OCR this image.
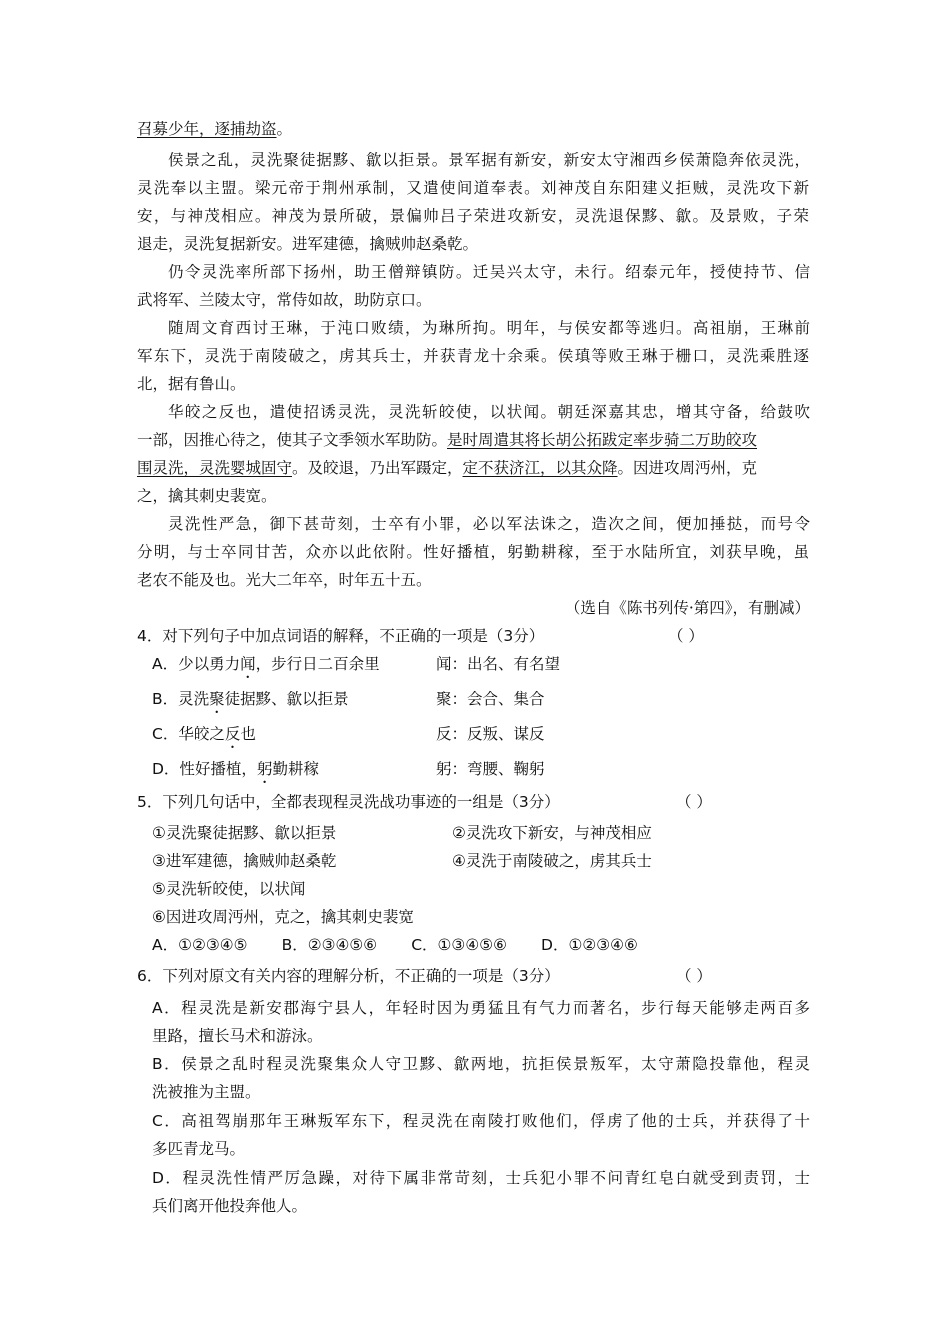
召募少年，逐捕劫盗。
侯景之乱，灵洗聚徒据黟、歙以拒景。景军据有新安，新安太守湘西乡侯萧隐奔依灵洗，
灵洗奉以主盟。梁元帝于荆州承制，又遣使间道奉表。刘神茂自东阳建义拒贼，灵洗攻下新
安，与神茂相应。神茂为景所破，景偏帅吕子荣进攻新安，灵洗退保黟、歙。及景败，子荣
退走，灵洗复据新安。进军建德，擒贼帅赵桑乾。
仍令灵洗率所部下扬州，助王僧辩镇防。迁吴兴太守，未行。绍泰元年，授使持节、信
武将军、兰陵太守，常侍如故，助防京口。
随周文育西讨王琳，于沌口败绩，为琳所拘。明年，与侯安都等逃归。高祖崩，王琳前
军东下，灵洗于南陵破之，虏其兵士，并获青龙十余乘。侯瑱等败王琳于栅口，灵洗乘胜逐
北，据有鲁山。
华皎之反也，遣使招诱灵洗，灵洗斩皎使，以状闻。朝廷深嘉其忠，增其守备，给鼓吹
一部，因推心待之，使其子文季领水军助防。是时周遣其将长胡公拓跋定率步骑二万助皎攻
围灵洗，灵洗婴城固守。及皎退，乃出军蹑定，定不获济江，以其众降。因进攻周沔州，克
之，擒其刺史裴宽。
灵洗性严急，御下甚苛刻，士卒有小罪，必以军法诛之，造次之间，便加捶挞，而号令
分明，与士卒同甘苦，众亦以此依附。性好播植，躬勤耕稼，至于水陆所宜，刘获早晚，虽
老农不能及也。光大二年卒，时年五十五。
（选自《陈书列传·第四》，有删减）
4．对下列句子中加点词语的解释，不正确的一项是（3分）	（ ）
A．少以勇力闻，步行日二百余里	闻：出名、有名望
B．灵洗聚徒据黟、歙以拒景	聚：会合、集合
C．华皎之反也	反：反叛、谋反
D．性好播植，躬勤耕稼	躬：弯腰、鞠躬
5．下列几句话中，全都表现程灵洗战功事迹的一组是（3分）	（ ）
①灵洗聚徒据黟、歙以拒景	②灵洗攻下新安，与神茂相应
③进军建德，擒贼帅赵桑乾	④灵洗于南陵破之，虏其兵士
⑤灵洗斩皎使，以状闻
⑥因进攻周沔州，克之，擒其刺史裴宽
A．①②③④⑤ B．②③④⑤⑥ C．①③④⑤⑥ D．①②③④⑥
6．下列对原文有关内容的理解分析，不正确的一项是（3分）	（ ）
A．程灵洗是新安郡海宁县人，年轻时因为勇猛且有气力而著名，步行每天能够走两百多
里路，擅长马术和游泳。
B．侯景之乱时程灵洗聚集众人守卫黟、歙两地，抗拒侯景叛军，太守萧隐投靠他，程灵
洗被推为主盟。
C．高祖驾崩那年王琳叛军东下，程灵洗在南陵打败他们，俘虏了他的士兵，并获得了十
多匹青龙马。
D．程灵洗性情严厉急躁，对待下属非常苛刻，士兵犯小罪不问青红皂白就受到责罚，士
兵们离开他投奔他人。
